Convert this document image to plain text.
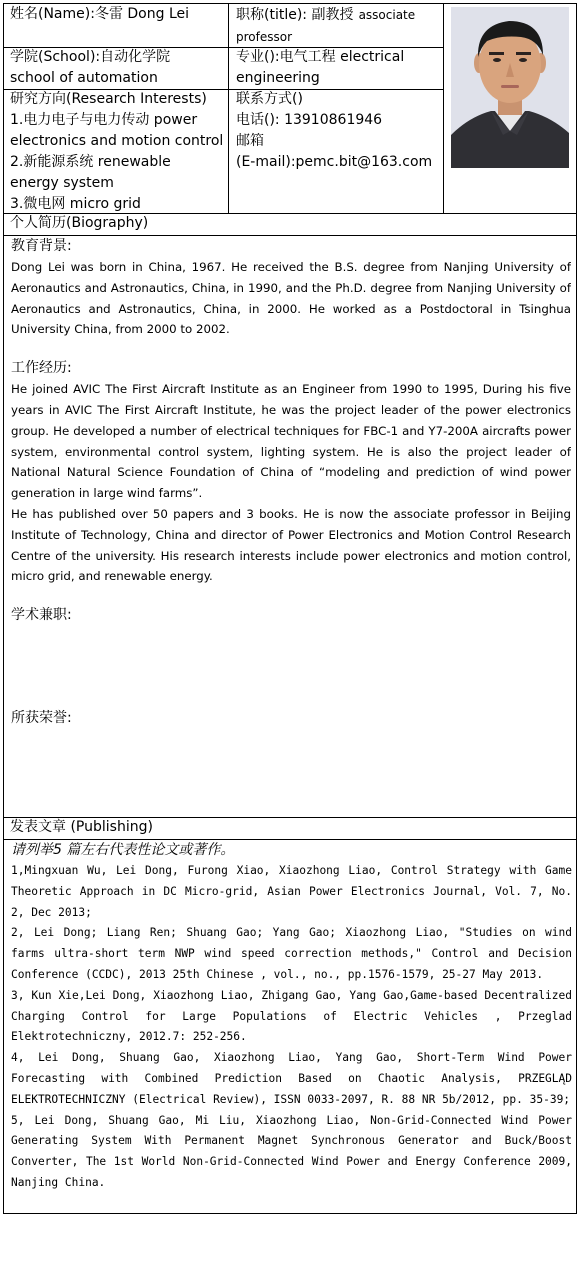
姓名(Name):冬雷 Dong Lei	职称(title): 副教授 associate professor
学院(School):自动化学院
school of automation
专业():电气工程 electrical
engineering
研究方向(Research Interests)
1.电力电子与电力传动 power
electronics and motion control
2.新能源系统 renewable
energy system
3.微电网 micro grid
联系方式()
电话(): 13910861946
邮箱
(E-mail):pemc.bit@163.com
个人简历(Biography)
教育背景:
Dong Lei was born in China, 1967. He received the B.S. degree from Nanjing University of Aeronautics and Astronautics, China, in 1990, and the Ph.D. degree from Nanjing University of Aeronautics and Astronautics, China, in 2000. He worked as a Postdoctoral in Tsinghua University China, from 2000 to 2002.
工作经历:
He joined AVIC The First Aircraft Institute as an Engineer from 1990 to 1995, During his five years in AVIC The First Aircraft Institute, he was the project leader of the power electronics group. He developed a number of electrical techniques for FBC-1 and Y7-200A aircrafts power system, environmental control system, lighting system. He is also the project leader of National Natural Science Foundation of China of “modeling and prediction of wind power generation in large wind farms”.
He has published over 50 papers and 3 books. He is now the associate professor in Beijing Institute of Technology, China and director of Power Electronics and Motion Control Research Centre of the university. His research interests include power electronics and motion control, micro grid, and renewable energy.
学术兼职:
所获荣誉:
发表文章 (Publishing)
请列举5 篇左右代表性论文或著作。
1,Mingxuan Wu, Lei Dong, Furong Xiao, Xiaozhong Liao, Control Strategy with Game Theoretic Approach in DC Micro-grid, Asian Power Electronics Journal, Vol. 7, No. 2, Dec 2013;
2, Lei Dong; Liang Ren; Shuang Gao; Yang Gao; Xiaozhong Liao, "Studies on wind farms ultra-short term NWP wind speed correction methods," Control and Decision Conference (CCDC), 2013 25th Chinese , vol., no., pp.1576-1579, 25-27 May 2013.
3, Kun Xie,Lei Dong, Xiaozhong Liao, Zhigang Gao, Yang Gao,Game-based Decentralized Charging Control for Large Populations of Electric Vehicles , Przeglad Elektrotechniczny, 2012.7: 252-256.
4, Lei Dong, Shuang Gao, Xiaozhong Liao, Yang Gao, Short-Term Wind Power Forecasting with Combined Prediction Based on Chaotic Analysis, PRZEGLĄD ELEKTROTECHNICZNY (Electrical Review), ISSN 0033-2097, R. 88 NR 5b/2012, pp. 35-39;
5, Lei Dong, Shuang Gao, Mi Liu, Xiaozhong Liao, Non-Grid-Connected Wind Power Generating System With Permanent Magnet Synchronous Generator and Buck/Boost Converter, The 1st World Non-Grid-Connected Wind Power and Energy Conference 2009, Nanjing China.
